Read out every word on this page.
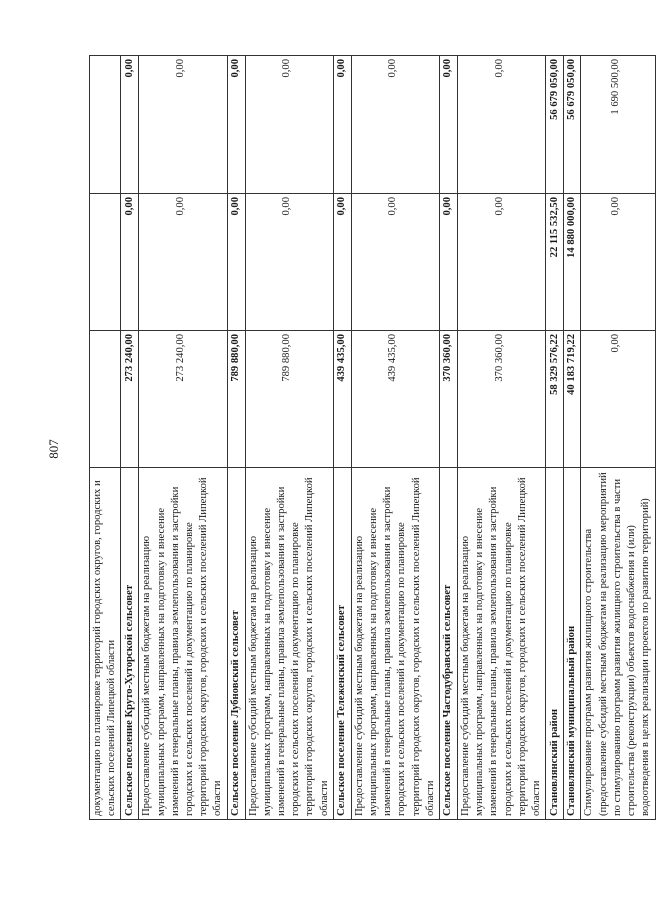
807
документацию по планировке территорий городских округов, городских и сельских поселений Липецкой области			
Сельское поселение Круто-Хуторской сельсовет	273 240,00	0,00	0,00
Предоставление субсидий местным бюджетам на реализацию муниципальных программ, направленных на подготовку и внесение изменений в генеральные планы, правила землепользования и застройки городских и сельских поселений и документацию по планировке территорий городских округов, городских и сельских поселений Липецкой области	273 240,00	0,00	0,00
Сельское поселение Лубновский сельсовет	789 880,00	0,00	0,00
Предоставление субсидий местным бюджетам на реализацию муниципальных программ, направленных на подготовку и внесение изменений в генеральные планы, правила землепользования и застройки городских и сельских поселений и документацию по планировке территорий городских округов, городских и сельских поселений Липецкой области	789 880,00	0,00	0,00
Сельское поселение Тележенский сельсовет	439 435,00	0,00	0,00
Предоставление субсидий местным бюджетам на реализацию муниципальных программ, направленных на подготовку и внесение изменений в генеральные планы, правила землепользования и застройки городских и сельских поселений и документацию по планировке территорий городских округов, городских и сельских поселений Липецкой области	439 435,00	0,00	0,00
Сельское поселение Частодубравский сельсовет	370 360,00	0,00	0,00
Предоставление субсидий местным бюджетам на реализацию муниципальных программ, направленных на подготовку и внесение изменений в генеральные планы, правила землепользования и застройки городских и сельских поселений и документацию по планировке территорий городских округов, городских и сельских поселений Липецкой области	370 360,00	0,00	0,00
Становлянский район	58 329 576,22	22 115 532,50	56 679 050,00
Становлянский муниципальный район	40 183 719,22	14 880 000,00	56 679 050,00
Стимулирование программ развития жилищного строительства (предоставление субсидий местным бюджетам на реализацию мероприятий по стимулированию программ развития жилищного строительства в части строительства (реконструкции) объектов водоснабжения и (или) водоотведения в целях реализации проектов по развитию территорий)	0,00	0,00	1 690 500,00
